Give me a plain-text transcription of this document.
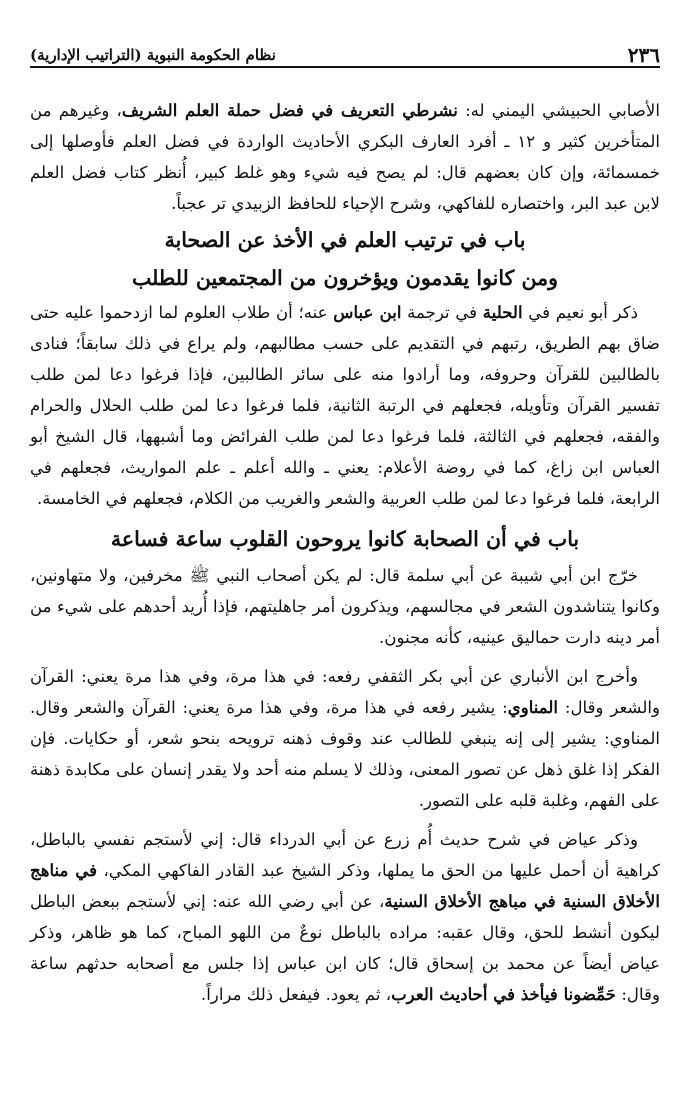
٢٣٦
نظام الحكومة النبوية (التراتيب الإدارية)

الأصابي الحبيشي اليمني له: نشرطي التعريف في فضل حملة العلم الشريف، وغيرهم من المتأخرين كثير و ١٢ ـ أفرد العارف البكري الأحاديث الواردة في فضل العلم فأوصلها إلى خمسمائة، وإن كان بعضهم قال: لم يصح فيه شيء وهو غلط كبير، أُنظر كتاب فضل العلم لابن عبد البر، واختصاره للفاكهي، وشرح الإحياء للحافظ الزبيدي تر عجباً.

باب في ترتيب العلم في الأخذ عن الصحابة
ومن كانوا يقدمون ويؤخرون من المجتمعين للطلب

ذكر أبو نعيم في الحلية في ترجمة ابن عباس عنه؛ أن طلاب العلوم لما ازدحموا عليه حتى ضاق بهم الطريق، رتبهم في التقديم على حسب مطالبهم، ولم يراع في ذلك سابقاً؛ فنادى بالطالبين للقرآن وحروفه، وما أرادوا منه على سائر الطالبين، فإذا فرغوا دعا لمن طلب تفسير القرآن وتأويله، فجعلهم في الرتبة الثانية، فلما فرغوا دعا لمن طلب الحلال والحرام والفقه، فجعلهم في الثالثة، فلما فرغوا دعا لمن طلب الفرائض وما أشبهها، قال الشيخ أبو العباس ابن زاغ، كما في روضة الأعلام: يعني ـ والله أعلم ـ علم المواريث، فجعلهم في الرابعة، فلما فرغوا دعا لمن طلب العربية والشعر والغريب من الكلام، فجعلهم في الخامسة.

باب في أن الصحابة كانوا يروحون القلوب ساعة فساعة

خرّج ابن أبي شيبة عن أبي سلمة قال: لم يكن أصحاب النبي ﷺ مخرفين، ولا متهاونين، وكانوا يتناشدون الشعر في مجالسهم، ويذكرون أمر جاهليتهم، فإذا أُريد أحدهم على شيء من أمر دينه دارت حماليق عينيه، كأنه مجنون.

وأخرج ابن الأنباري عن أبي بكر الثقفي رفعه: في هذا مرة، وفي هذا مرة يعني: القرآن والشعر وقال: المناوي: يشير رفعه في هذا مرة، وفي هذا مرة يعني: القرآن والشعر وقال. المناوي: يشير إلى إنه ينبغي للطالب عند وقوف ذهنه ترويحه بنحو شعر، أو حكايات. فإن الفكر إذا غلق ذهل عن تصور المعنى، وذلك لا يسلم منه أحد ولا يقدر إنسان على مكابدة ذهنة على الفهم، وغلبة قلبه على التصور.

وذكر عياض في شرح حديث أُم زرع عن أبي الدرداء قال: إني لأستجم نفسي بالباطل، كراهية أن أحمل عليها من الحق ما يملها، وذكر الشيخ عبد القادر الفاكهي المكي، في مناهج الأخلاق السنية في مباهج الأخلاق السنية، عن أبي رضي الله عنه: إني لأستجم ببعض الباطل ليكون أنشط للحق، وقال عقبه: مراده بالباطل نوعٌ من اللهو المباح، كما هو ظاهر، وذكر عياض أيضاً عن محمد بن إسحاق قال؛ كان ابن عباس إذا جلس مع أصحابه حدثهم ساعة وقال: حَمِّضونا فيأخذ في أحاديث العرب، ثم يعود. فيفعل ذلك مراراً.
